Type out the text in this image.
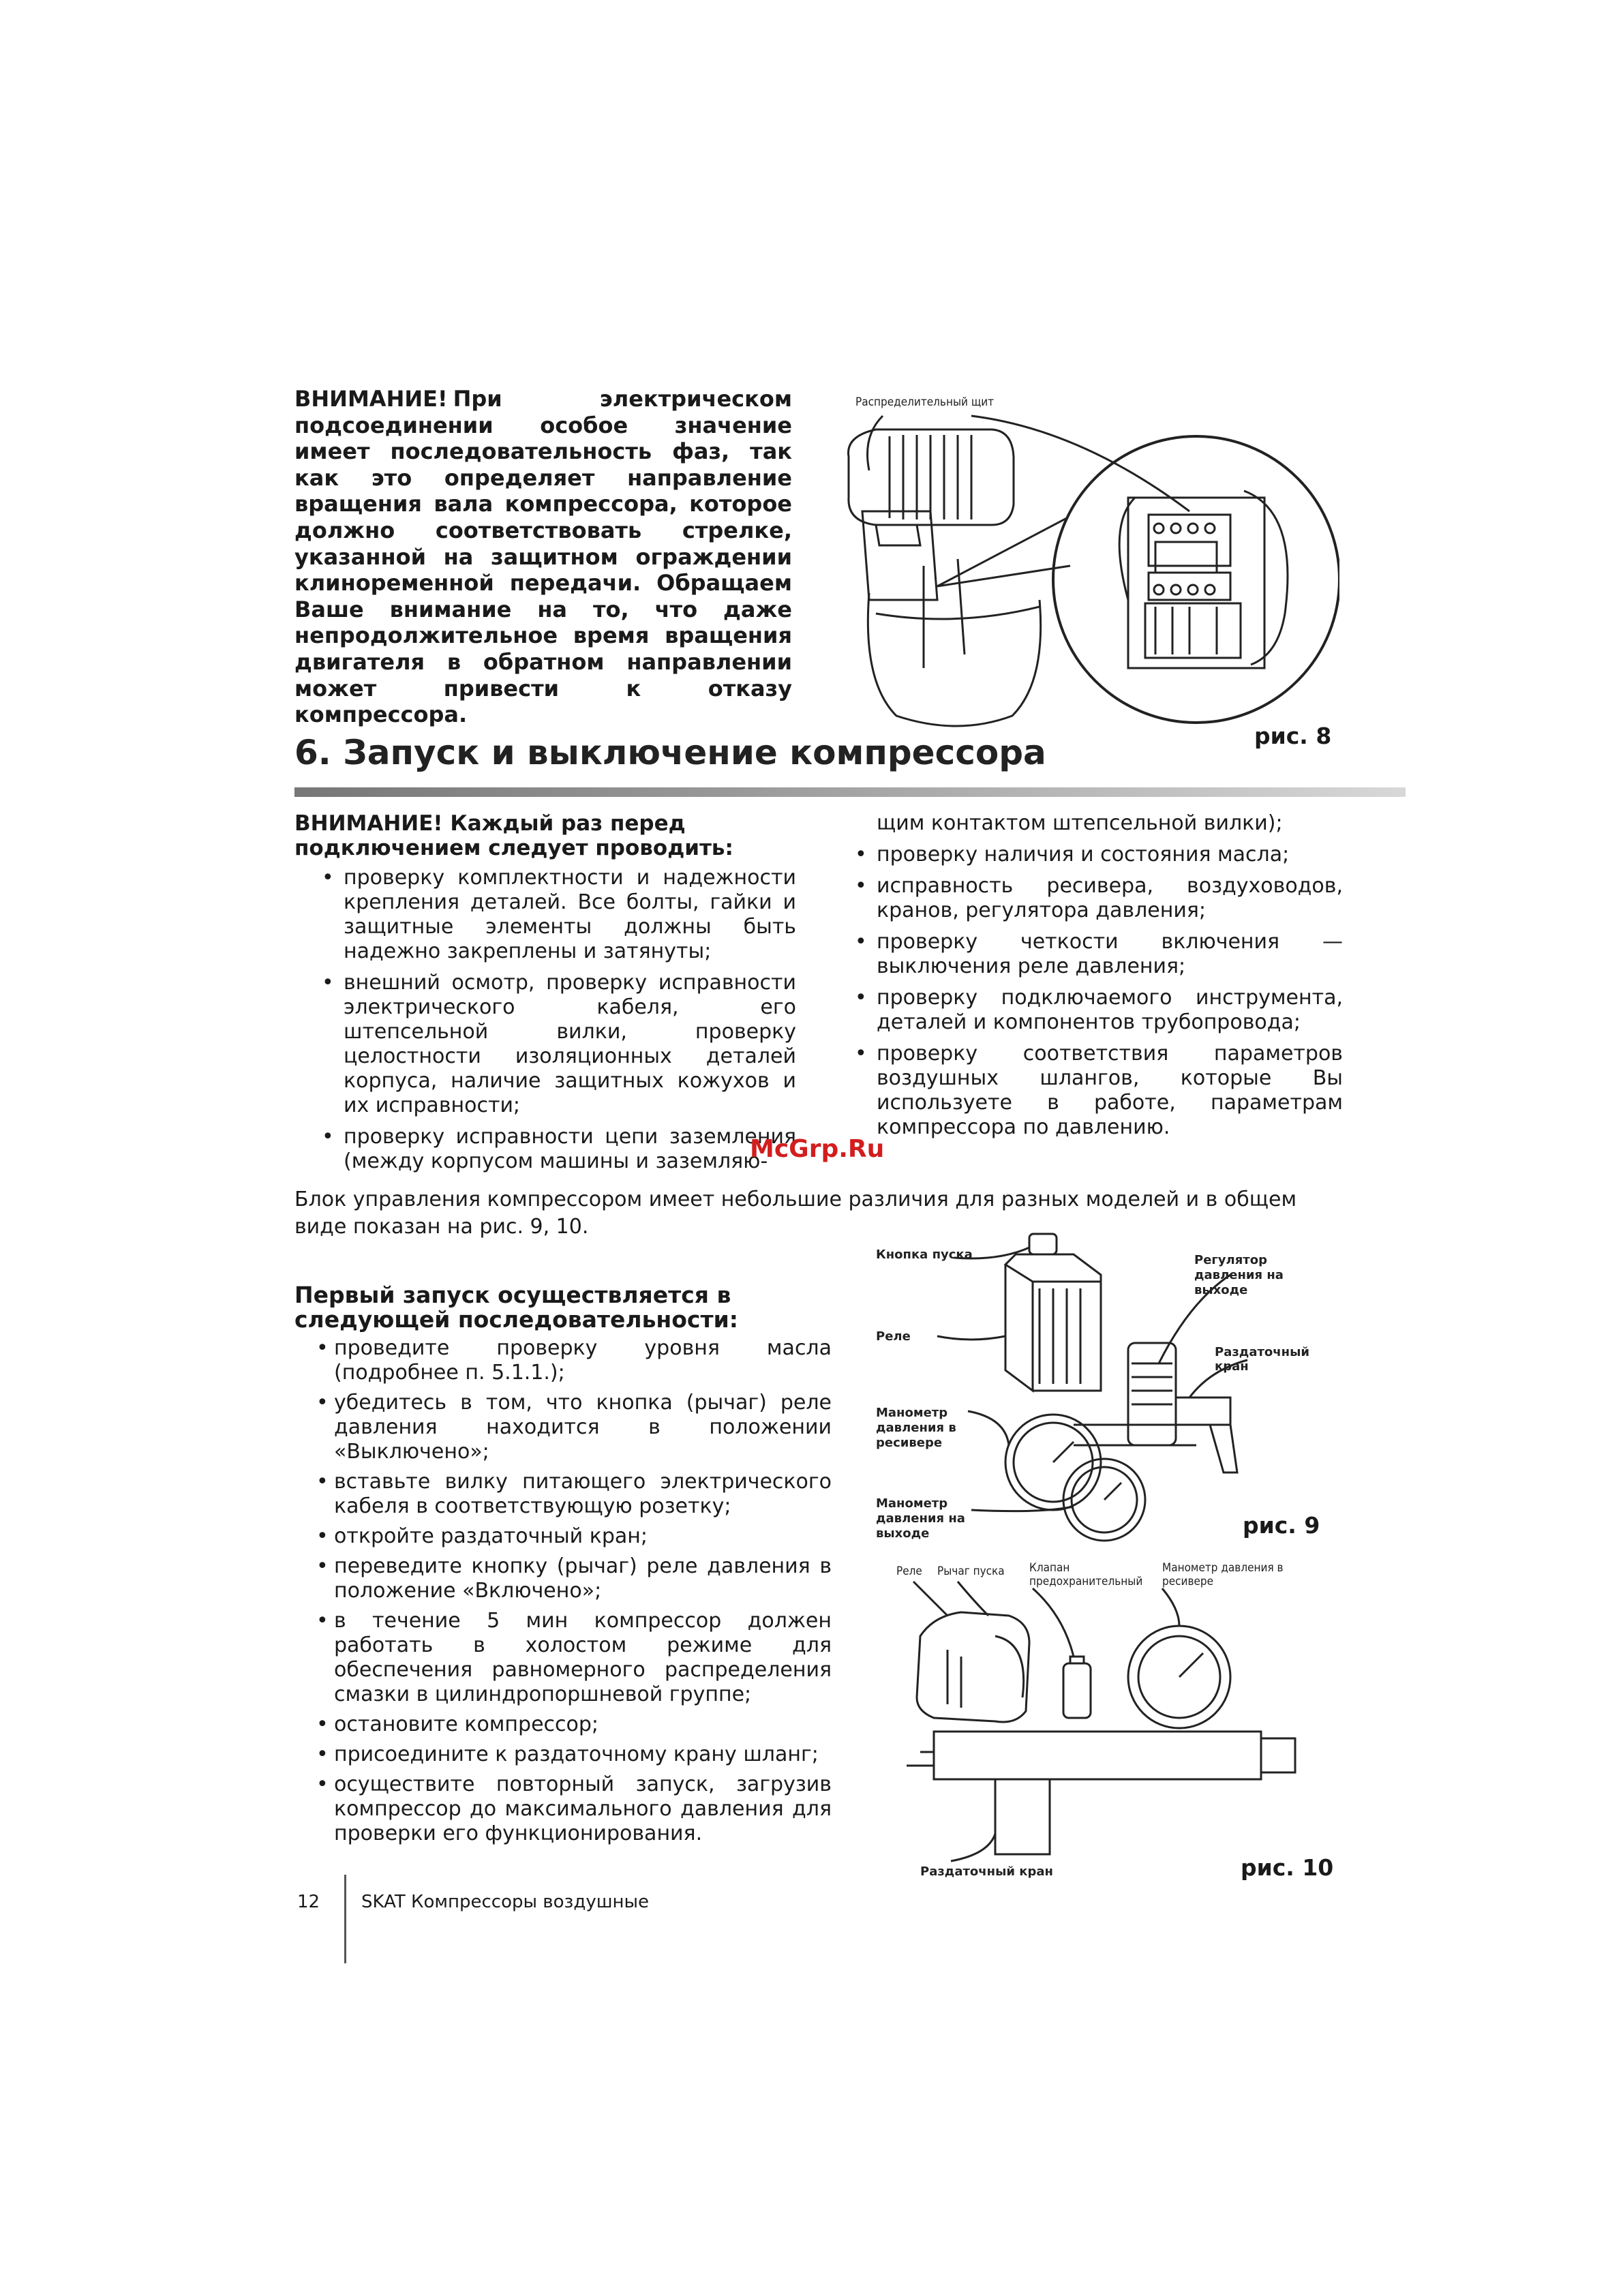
ВНИМАНИЕ! При электрическом подсоединении особое значение имеет последовательность фаз, так как это определяет направление вращения вала компрессора, которое должно соответствовать стрелке, указанной на защитном ограждении клиноременной передачи. Обращаем Ваше внимание на то, что даже непродолжительное время вращения двигателя в обратном направлении может привести к отказу компрессора.

Распределительный щит
рис. 8
6. Запуск и выключение компрессора

ВНИМАНИЕ! Каждый раз перед подключением следует проводить:

• проверку комплектности и надежности крепления деталей. Все болты, гайки и защитные элементы должны быть надежно закреплены и затянуты;
• внешний осмотр, проверку исправности электрического кабеля, его штепсельной вилки, проверку целостности изоляционных деталей корпуса, наличие защитных кожухов и их исправности;
• проверку исправности цепи заземления (между корпусом машины и заземляю-

щим контактом штепсельной вилки);

• проверку наличия и состояния масла;
• исправность ресивера, воздуховодов, кранов, регулятора давления;
• проверку четкости включения — выключения реле давления;
• проверку подключаемого инструмента, деталей и компонентов трубопровода;
• проверку соответствия параметров воздушных шлангов, которые Вы используете в работе, параметрам компрессора по давлению.
McGrp.Ru

Блок управления компрессором имеет небольшие различия для разных моделей и в общем виде показан на рис. 9, 10.

Первый запуск осуществляется в следующей последовательности:

• проведите проверку уровня масла (подробнее п. 5.1.1.);
• убедитесь в том, что кнопка (рычаг) реле давления находится в положении «Выключено»;
• вставьте вилку питающего электрического кабеля в соответствующую розетку;
• откройте раздаточный кран;
• переведите кнопку (рычаг) реле давления в положение «Включено»;
• в течение 5 мин компрессор должен работать в холостом режиме для обеспечения равномерного распределения смазки в цилиндропоршневой группе;
• остановите компрессор;
• присоедините к раздаточному крану шланг;
• осуществите повторный запуск, загрузив компрессор до максимального давления для проверки его функционирования.
Кнопка пуска
Реле
Манометр давления в ресивере
Манометр давления на выходе
Регулятор давления на выходе
Раздаточный кран
рис. 9
Реле Рычаг пуска Клапан предохранительный
Манометр давления в ресивере
Раздаточный кран	рис. 10
12 SKAT Компрессоры воздушные
